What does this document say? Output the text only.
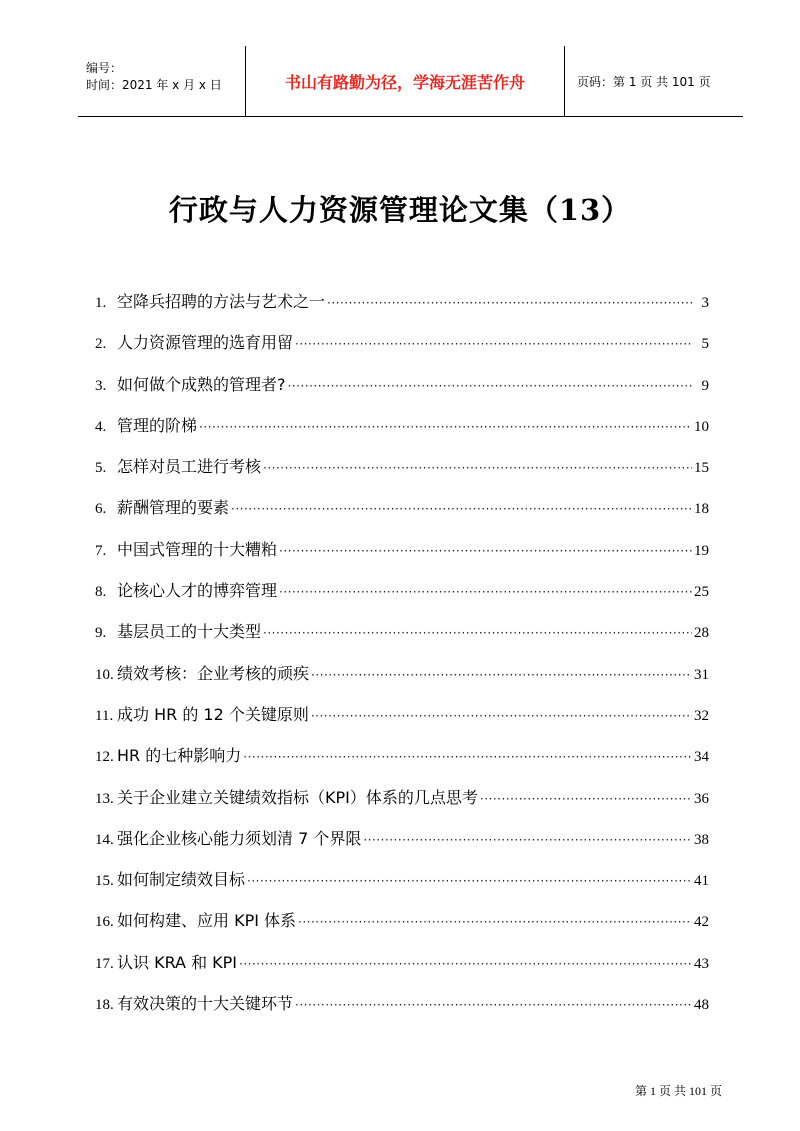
编号：
时间：2021 年 x 月 x 日	书山有路勤为径，学海无涯苦作舟	页码：第 1 页 共 101 页
行政与人力资源管理论文集（13）
1. 空降兵招聘的方法与艺术之一 ·····	3
2. 人力资源管理的选育用留 ·····	5
3. 如何做个成熟的管理者? ·····	9
4. 管理的阶梯 ·····	10
5. 怎样对员工进行考核 ·····	15
6. 薪酬管理的要素 ·····	18
7. 中国式管理的十大糟粕 ·····	19
8. 论核心人才的博弈管理 ·····	25
9. 基层员工的十大类型 ·····	28
10. 绩效考核：企业考核的顽疾 ·····	31
11. 成功 HR 的 12 个关键原则 ·····	32
12. HR 的七种影响力 ·····	34
13. 关于企业建立关键绩效指标（KPI）体系的几点思考 ·····	36
14. 强化企业核心能力须划清 7 个界限 ·····	38
15. 如何制定绩效目标 ·····	41
16. 如何构建、应用 KPI 体系 ·····	42
17. 认识 KRA 和 KPI ·····	43
18. 有效决策的十大关键环节 ·····	48
第 1 页 共 101 页
